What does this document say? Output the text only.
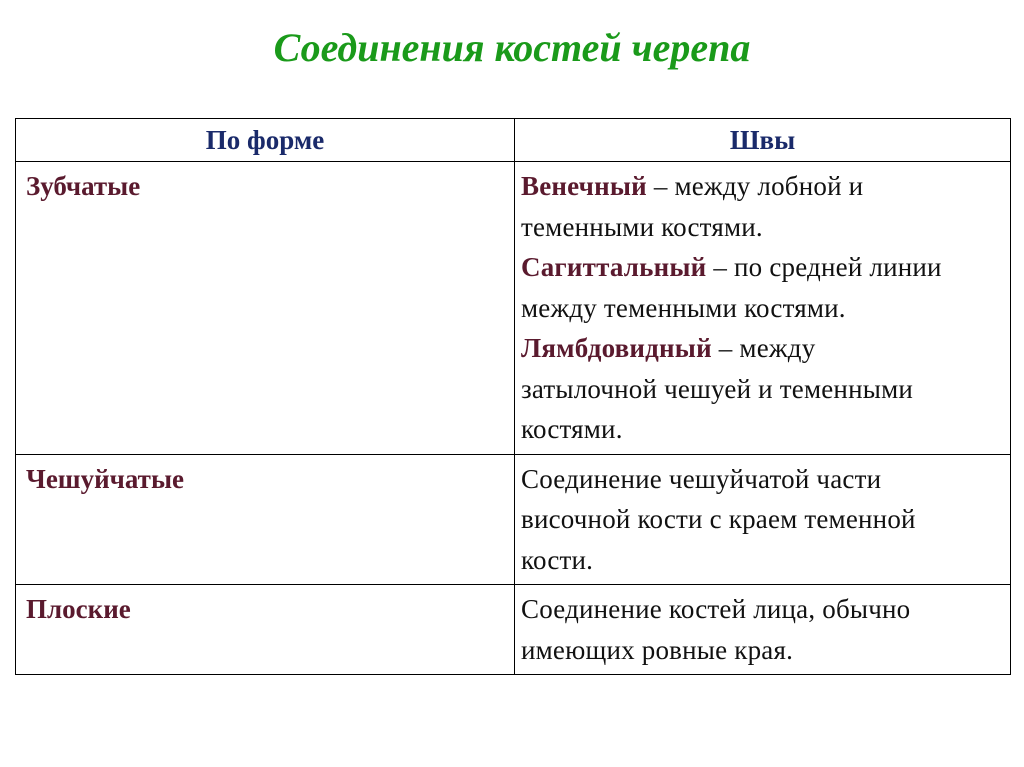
Соединения костей черепа
По форме	Швы
Зубчатые	Венечный – между лобной и теменными костями.
Сагиттальный – по средней линии между теменными костями.
Лямбдовидный – между затылочной чешуей и теменными костями.

Чешуйчатые	Соединение чешуйчатой части височной кости с краем теменной кости.

Плоские	Соединение костей лица, обычно имеющих ровные края.
